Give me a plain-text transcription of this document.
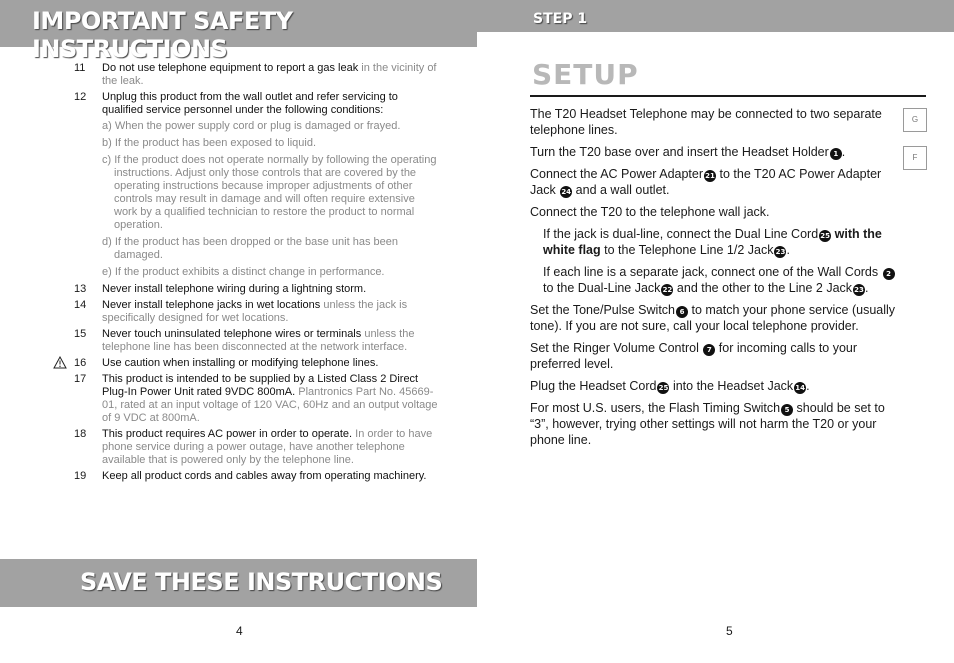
IMPORTANT SAFETY INSTRUCTIONS
11 Do not use telephone equipment to report a gas leak in the vicinity of the leak.
12 Unplug this product from the wall outlet and refer servicing to qualified service personnel under the following conditions:
a) When the power supply cord or plug is damaged or frayed.
b) If the product has been exposed to liquid.
c) If the product does not operate normally by following the operating instructions. Adjust only those controls that are covered by the operating instructions because improper adjustments of other controls may result in damage and will often require extensive work by a qualified technician to restore the product to normal operation.
d) If the product has been dropped or the base unit has been damaged.
e) If the product exhibits a distinct change in performance.
13 Never install telephone wiring during a lightning storm.
14 Never install telephone jacks in wet locations unless the jack is specifically designed for wet locations.
15 Never touch uninsulated telephone wires or terminals unless the telephone line has been disconnected at the network interface.
16 Use caution when installing or modifying telephone lines.
17 This product is intended to be supplied by a Listed Class 2 Direct Plug-In Power Unit rated 9VDC 800mA. Plantronics Part No. 45669-01, rated at an input voltage of 120 VAC, 60Hz and an output voltage of 9 VDC at 800mA.
18 This product requires AC power in order to operate. In order to have phone service during a power outage, have another telephone available that is powered only by the telephone line.
19 Keep all product cords and cables away from operating machinery.
SAVE THESE INSTRUCTIONS
4
STEP 1
SETUP
G
F

The T20 Headset Telephone may be connected to two separate telephone lines.

Turn the T20 base over and insert the Headset Holder 1 .

Connect the AC Power Adapter 21 to the T20 AC Power Adapter Jack 24 and a wall outlet.

Connect the T20 to the telephone wall jack.

If the jack is dual-line, connect the Dual Line Cord 25 with the white flag to the Telephone Line 1/2 Jack 23.

If each line is a separate jack, connect one of the Wall Cords 2 to the Dual-Line Jack 22 and the other to the Line 2 Jack 23.

Set the Tone/Pulse Switch 6 to match your phone service (usually tone). If you are not sure, call your local telephone provider.

Set the Ringer Volume Control 7 for incoming calls to your preferred level.

Plug the Headset Cord 25 into the Headset Jack 14.

For most U.S. users, the Flash Timing Switch 5 should be set to “3”, however, trying other settings will not harm the T20 or your phone line.

5
